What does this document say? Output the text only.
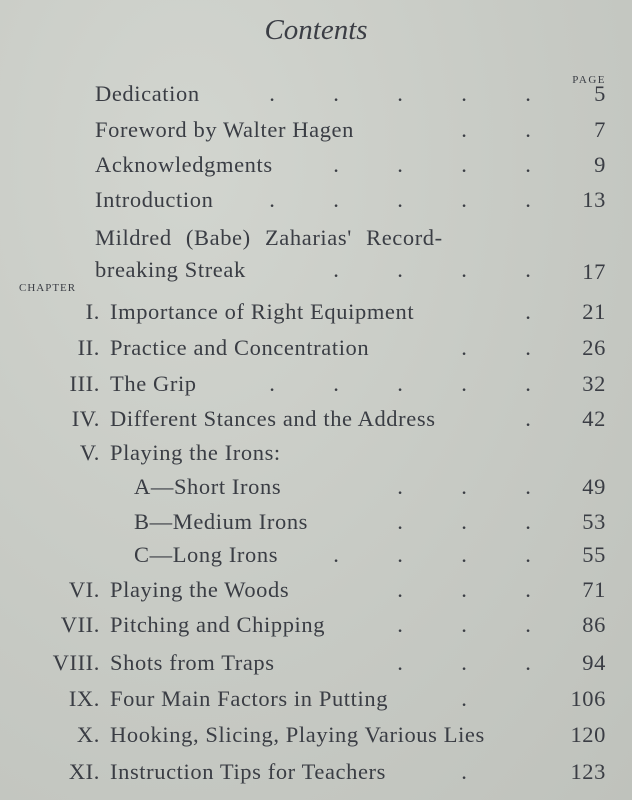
Contents
PAGE
Dedication	.	.	.	.	.	5
Foreword by Walter Hagen	.	.	7
Acknowledgments	.	.	.	.	9
Introduction	.	.	.	.	.	13
Mildred (Babe) Zaharias' Record-
breaking Streak	.	.	.	.	17
CHAPTER
I. Importance of Right Equipment	.	21
II. Practice and Concentration	.	.	26
III. The Grip	.	.	.	.	.	32
IV. Different Stances and the Address	.	42
V. Playing the Irons:
A—Short Irons	.	.	.	49
B—Medium Irons	.	.	.	53
C—Long Irons	.	.	.	.	55
VI. Playing the Woods	.	.	.	71
VII. Pitching and Chipping	.	.	.	86
VIII. Shots from Traps	.	.	.	94
IX. Four Main Factors in Putting	.	106
X. Hooking, Slicing, Playing Various Lies	120
XI. Instruction Tips for Teachers	.	123
